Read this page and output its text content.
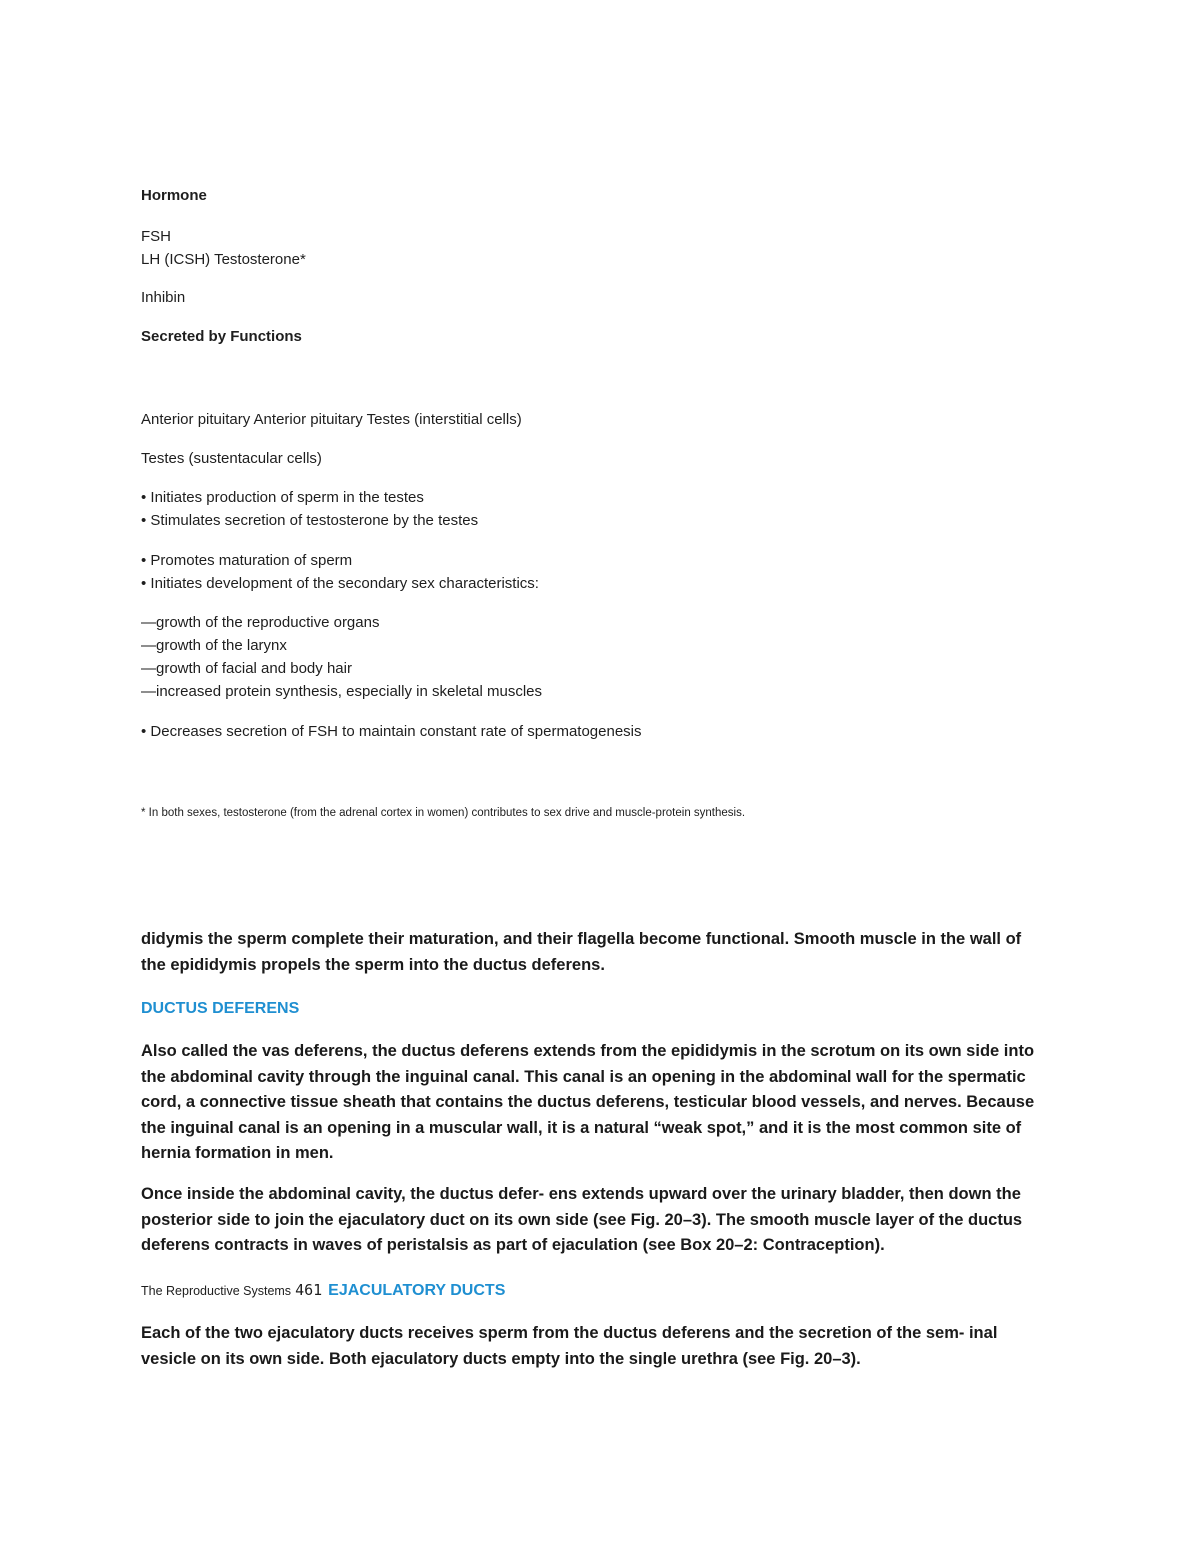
Hormone
FSH
LH (ICSH) Testosterone*
Inhibin
Secreted by Functions
Anterior pituitary Anterior pituitary Testes (interstitial cells)
Testes (sustentacular cells)
• Initiates production of sperm in the testes
• Stimulates secretion of testosterone by the testes
• Promotes maturation of sperm
• Initiates development of the secondary sex characteristics:
—growth of the reproductive organs
—growth of the larynx
—growth of facial and body hair
—increased protein synthesis, especially in skeletal muscles
• Decreases secretion of FSH to maintain constant rate of spermatogenesis
* In both sexes, testosterone (from the adrenal cortex in women) contributes to sex drive and muscle-protein synthesis.
didymis the sperm complete their maturation, and their flagella become functional. Smooth muscle in the wall of
the epididymis propels the sperm into the ductus deferens.
DUCTUS DEFERENS
Also called the vas deferens, the ductus deferens extends from the epididymis in the scrotum on its own side into
the abdominal cavity through the inguinal canal. This canal is an opening in the abdominal wall for the spermatic
cord, a connective tissue sheath that contains the ductus deferens, testicular blood vessels, and nerves. Because
the inguinal canal is an opening in a muscular wall, it is a natural “weak spot,” and it is the most common site of
hernia formation in men.
Once inside the abdominal cavity, the ductus defer- ens extends upward over the urinary bladder, then down the
posterior side to join the ejaculatory duct on its own side (see Fig. 20–3). The smooth muscle layer of the ductus
deferens contracts in waves of peristalsis as part of ejaculation (see Box 20–2: Contraception).
The Reproductive Systems 461 EJACULATORY DUCTS
Each of the two ejaculatory ducts receives sperm from the ductus deferens and the secretion of the sem- inal
vesicle on its own side. Both ejaculatory ducts empty into the single urethra (see Fig. 20–3).
